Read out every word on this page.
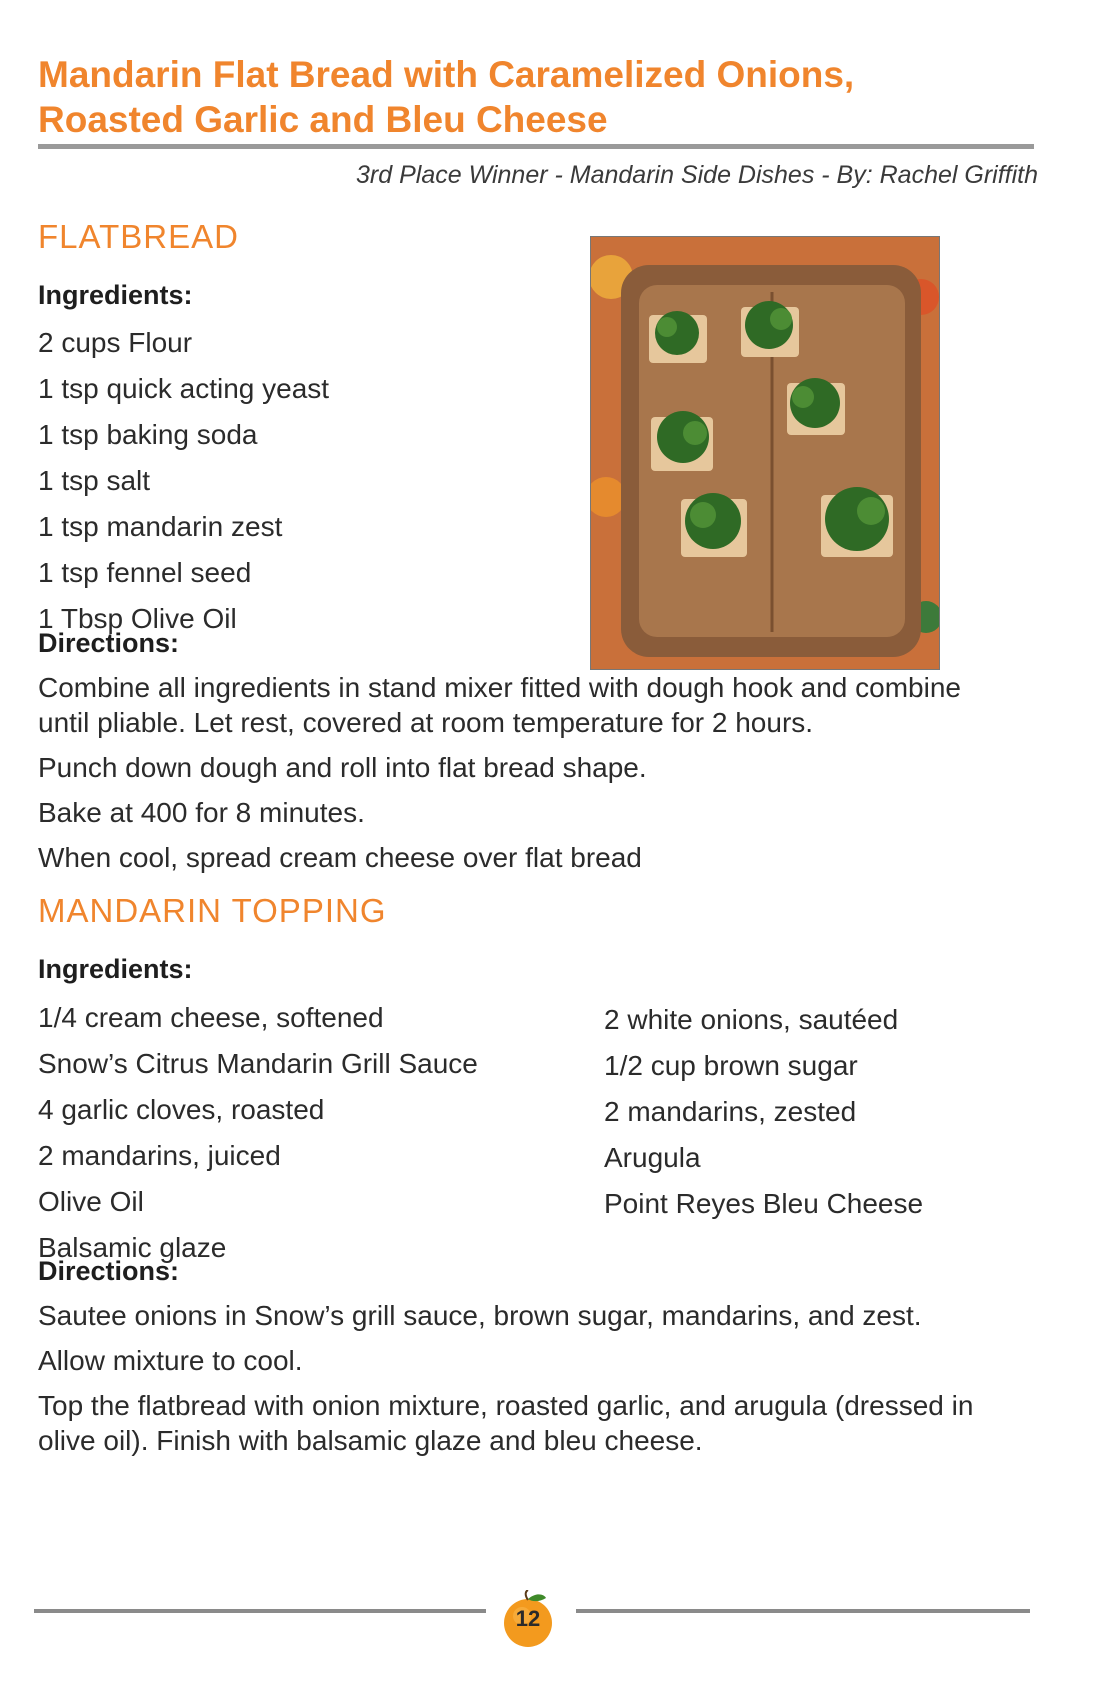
Mandarin Flat Bread with Caramelized Onions,
Roasted Garlic and Bleu Cheese
3rd Place Winner - Mandarin Side Dishes - By: Rachel Griffith
FLATBREAD
Ingredients:
2 cups Flour
1 tsp quick acting yeast
1 tsp baking soda
1 tsp salt
1 tsp mandarin zest
1 tsp fennel seed
1 Tbsp Olive Oil
Directions:

Combine all ingredients in stand mixer fitted with dough hook and combine until pliable. Let rest, covered at room temperature for 2 hours.

Punch down dough and roll into flat bread shape.

Bake at 400 for 8 minutes.

When cool, spread cream cheese over flat bread

MANDARIN TOPPING
Ingredients:
1/4 cream cheese, softened
Snow’s Citrus Mandarin Grill Sauce
4 garlic cloves, roasted
2 mandarins, juiced
Olive Oil
Balsamic glaze
2 white onions, sautéed
1/2 cup brown sugar
2 mandarins, zested
Arugula
Point Reyes Bleu Cheese
Directions:

Sautee onions in Snow’s grill sauce, brown sugar, mandarins, and zest.

Allow mixture to cool.

Top the flatbread with onion mixture, roasted garlic, and arugula (dressed in olive oil). Finish with balsamic glaze and bleu cheese.

12
